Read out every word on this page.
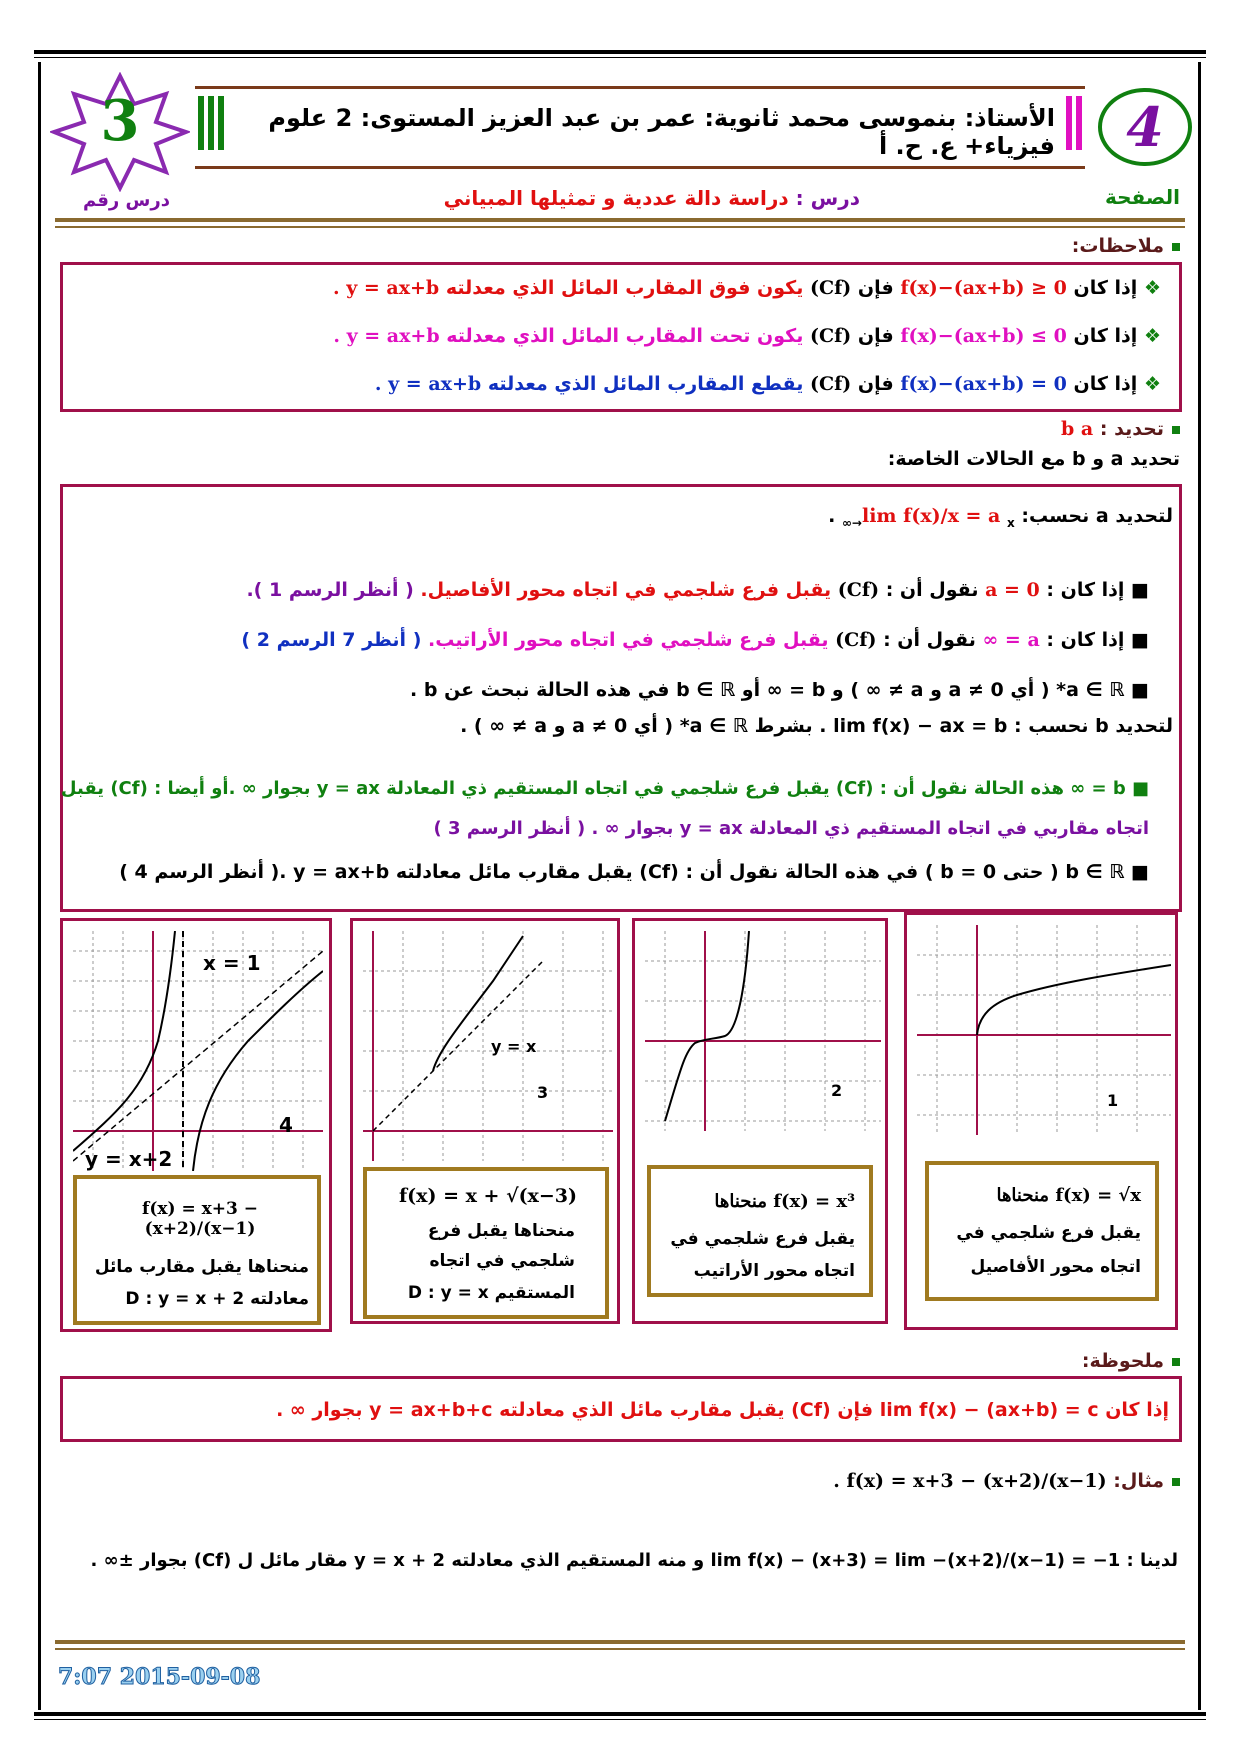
الأستاذ: بنموسى محمد ثانوية: عمر بن عبد العزيز المستوى: 2 علوم فيزياء+ ع. ح. أ	4
3
الصفحة
درس رقم	درس : دراسة دالة عددية و تمثيلها المبياني
ملاحظات:
❖ إذا كان f(x)−(ax+b) ≥ 0 فإن (Cf) يكون فوق المقارب المائل الذي معدلته y = ax+b .
❖ إذا كان f(x)−(ax+b) ≤ 0 فإن (Cf) يكون تحت المقارب المائل الذي معدلته y = ax+b .
❖ إذا كان f(x)−(ax+b) = 0 فإن (Cf) يقطع المقارب المائل الذي معدلته y = ax+b .
تحديد : b a
تحديد a و b مع الحالات الخاصة:
لتحديد a نحسب: lim f(x)/x = a $_{x\to\infty}$ .
■ إذا كان : a = 0 نقول أن : (Cf) يقبل فرع شلجمي في اتجاه محور الأفاصيل. ( أنظر الرسم 1 ).
■ إذا كان : a = ∞ نقول أن : (Cf) يقبل فرع شلجمي في اتجاه محور الأراتيب. ( أنظر 7 الرسم 2 )
■ a ∈ ℝ* ( أي a ≠ 0 و a ≠ ∞ ) و b = ∞ أو b ∈ ℝ في هذه الحالة نبحث عن b .
لتحديد b نحسب : lim f(x) − ax = b . بشرط a ∈ ℝ* ( أي a ≠ 0 و a ≠ ∞ ) .
■ b = ∞ هذه الحالة نقول أن : (Cf) يقبل فرع شلجمي في اتجاه المستقيم ذي المعادلة y = ax بجوار ∞ .أو أيضا : (Cf) يقبل
اتجاه مقاربي في اتجاه المستقيم ذي المعادلة y = ax بجوار ∞ . ( أنظر الرسم 3 )
■ b ∈ ℝ ( حتى b = 0 ) في هذه الحالة نقول أن : (Cf) يقبل مقارب مائل معادلته y = ax+b .( أنظر الرسم 4 )
x = 1
4
y = x+2
f(x) = x+3 − (x+2)/(x−1)
منحناها يقبل مقارب مائل
معادلته D : y = x + 2
y = x
3
f(x) = x + √(x−3)
منحناها يقبل فرع
شلجمي في اتجاه
المستقيم D : y = x
2
f(x) = x³ منحناها
يقبل فرع شلجمي في
اتجاه محور الأراتيب
1
f(x) = √x منحناها
يقبل فرع شلجمي في
اتجاه محور الأفاصيل
ملحوظة:
إذا كان lim f(x) − (ax+b) = c فإن (Cf) يقبل مقارب مائل الذي معادلته y = ax+b+c بجوار ∞ .
مثال: f(x) = x+3 − (x+2)/(x−1) .
لدينا : lim f(x) − (x+3) = lim −(x+2)/(x−1) = −1 و منه المستقيم الذي معادلته y = x + 2 مقار مائل ل (Cf) بجوار ±∞ .
7:07 2015-09-08
